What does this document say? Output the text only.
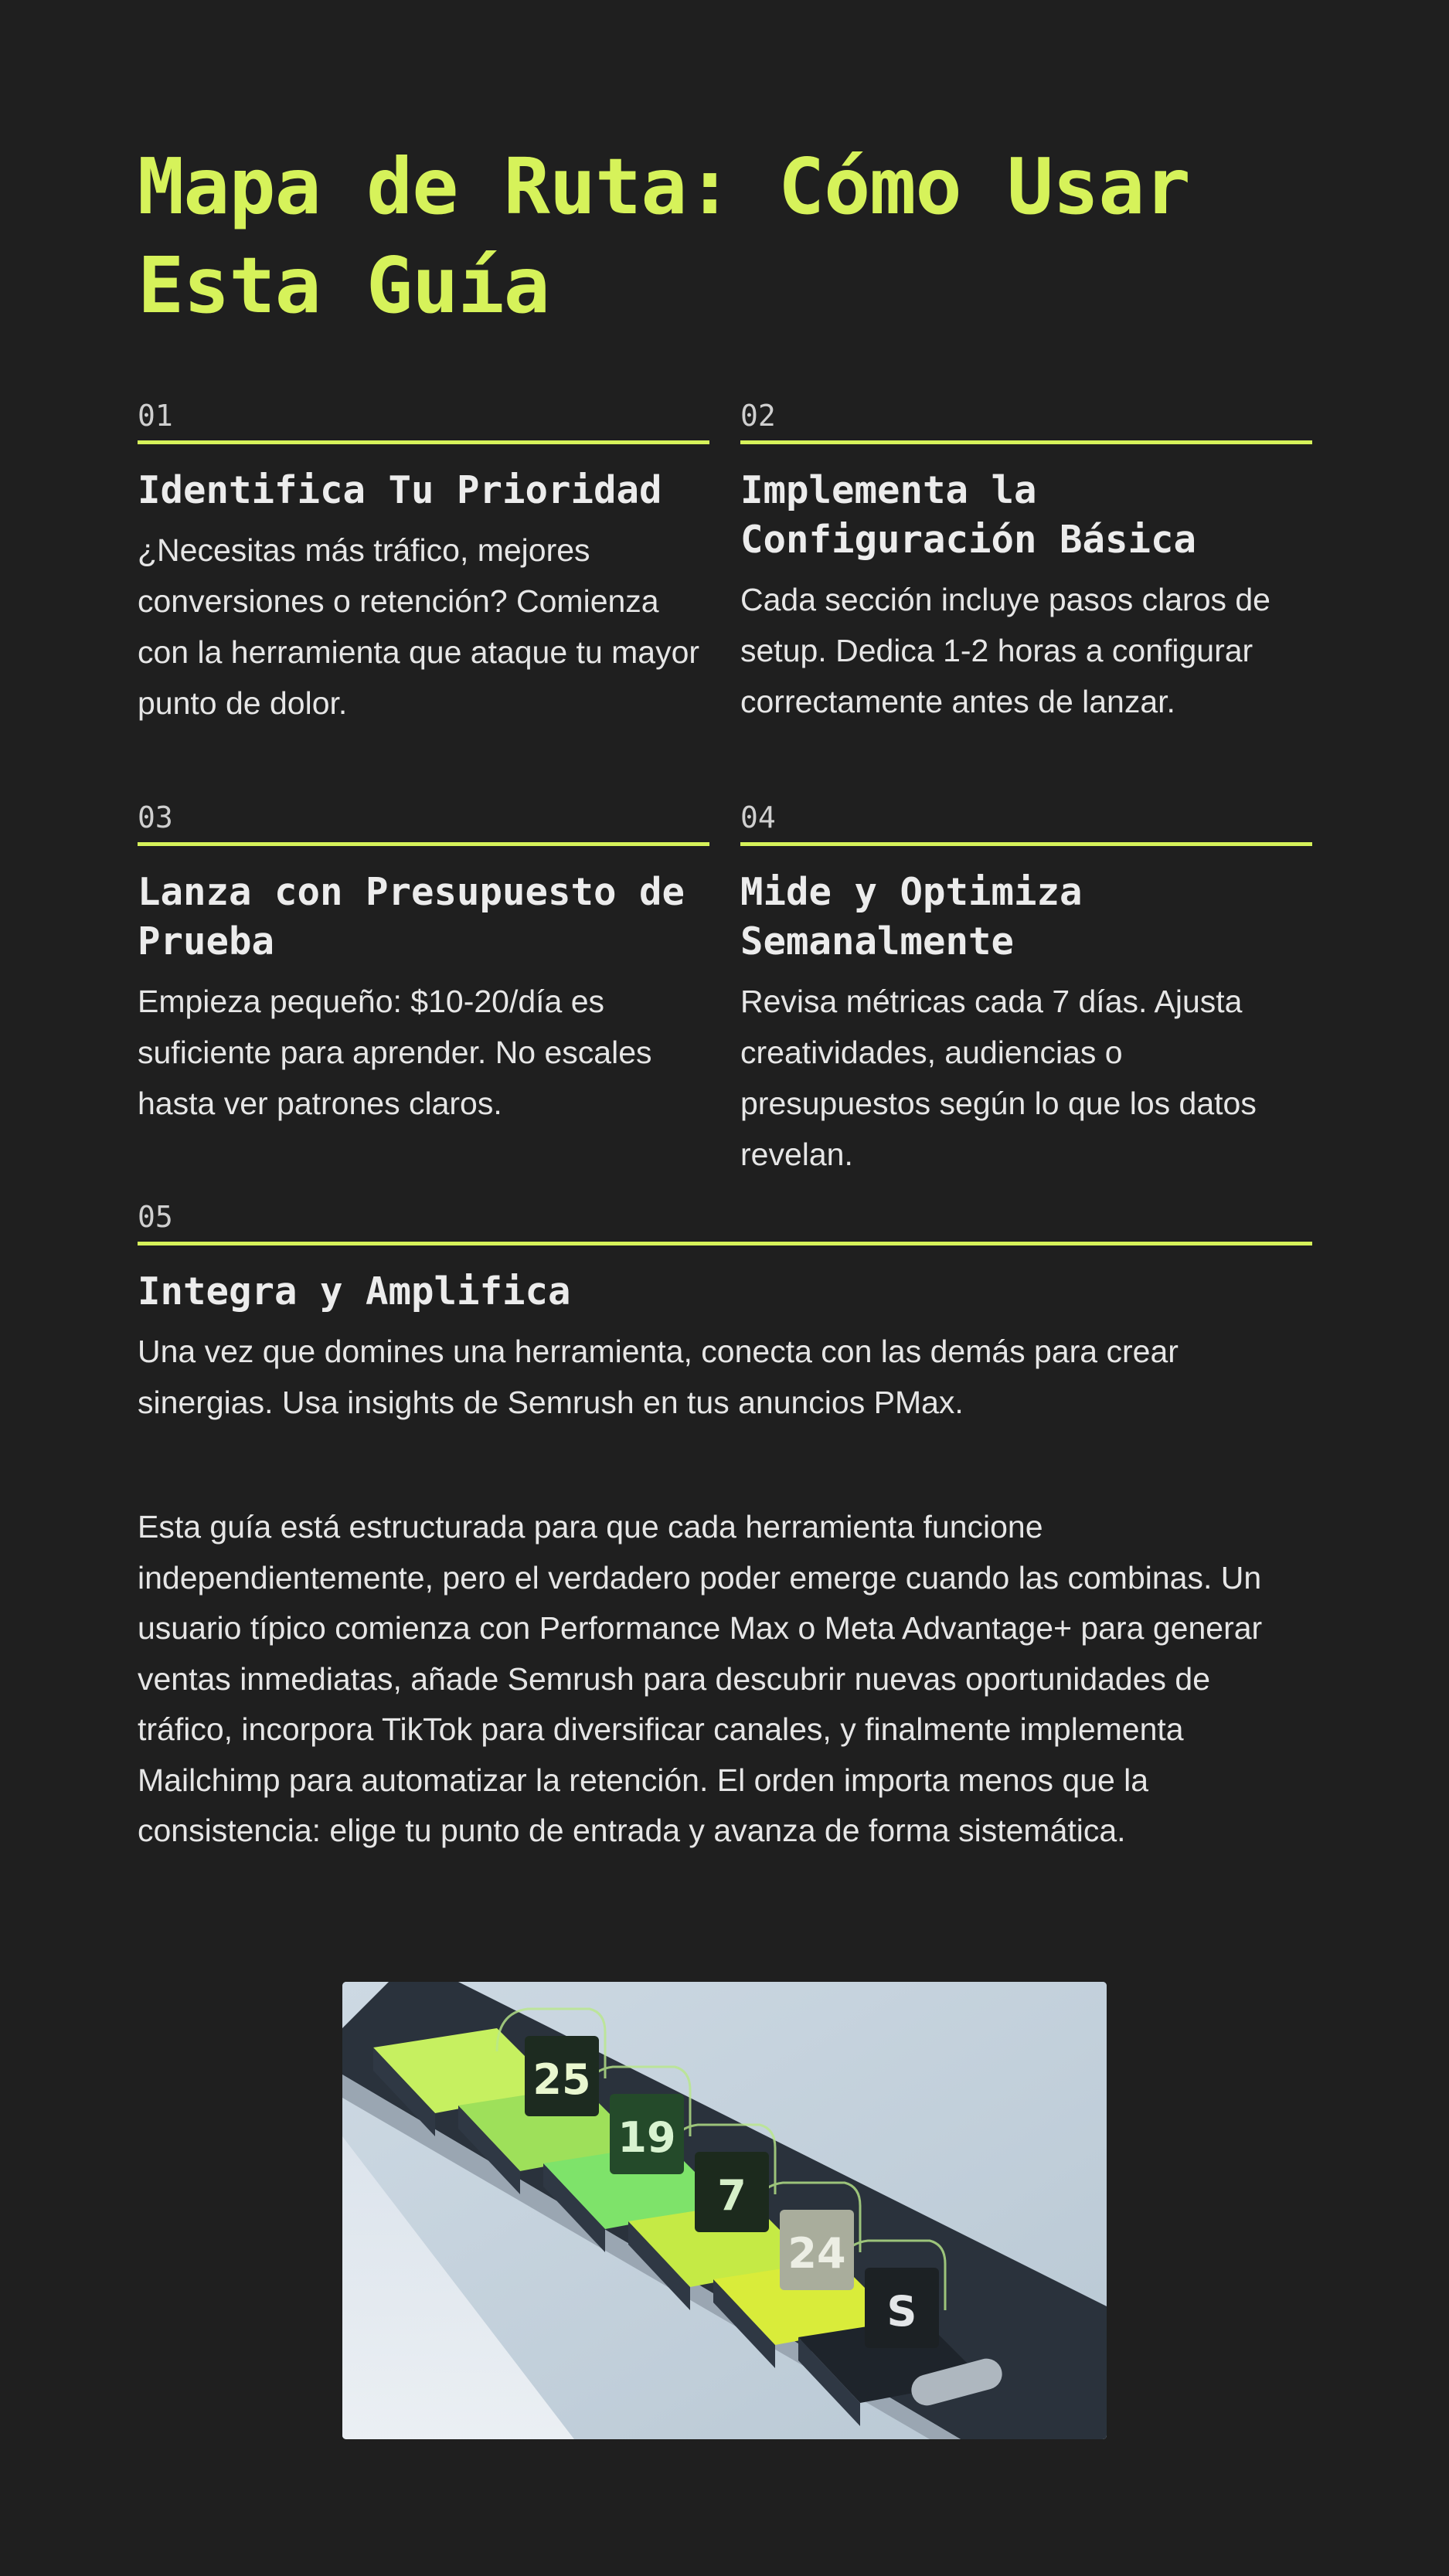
Mapa de Ruta: Cómo Usar Esta Guía
01
Identifica Tu Prioridad

¿Necesitas más tráfico, mejores conversiones o retención? Comienza con la herramienta que ataque tu mayor punto de dolor.

02
Implementa la Configuración Básica

Cada sección incluye pasos claros de setup. Dedica 1-2 horas a configurar correctamente antes de lanzar.

03
Lanza con Presupuesto de Prueba

Empieza pequeño: $10-20/día es suficiente para aprender. No escales hasta ver patrones claros.

04
Mide y Optimiza Semanalmente

Revisa métricas cada 7 días. Ajusta creatividades, audiencias o presupuestos según lo que los datos revelan.

05
Integra y Amplifica

Una vez que domines una herramienta, conecta con las demás para crear sinergias. Usa insights de Semrush en tus anuncios PMax.

Esta guía está estructurada para que cada herramienta funcione independientemente, pero el verdadero poder emerge cuando las combinas. Un usuario típico comienza con Performance Max o Meta Advantage+ para generar ventas inmediatas, añade Semrush para descubrir nuevas oportunidades de tráfico, incorpora TikTok para diversificar canales, y finalmente implementa Mailchimp para automatizar la retención. El orden importa menos que la consistencia: elige tu punto de entrada y avanza de forma sistemática.

25
19
7
24
S
